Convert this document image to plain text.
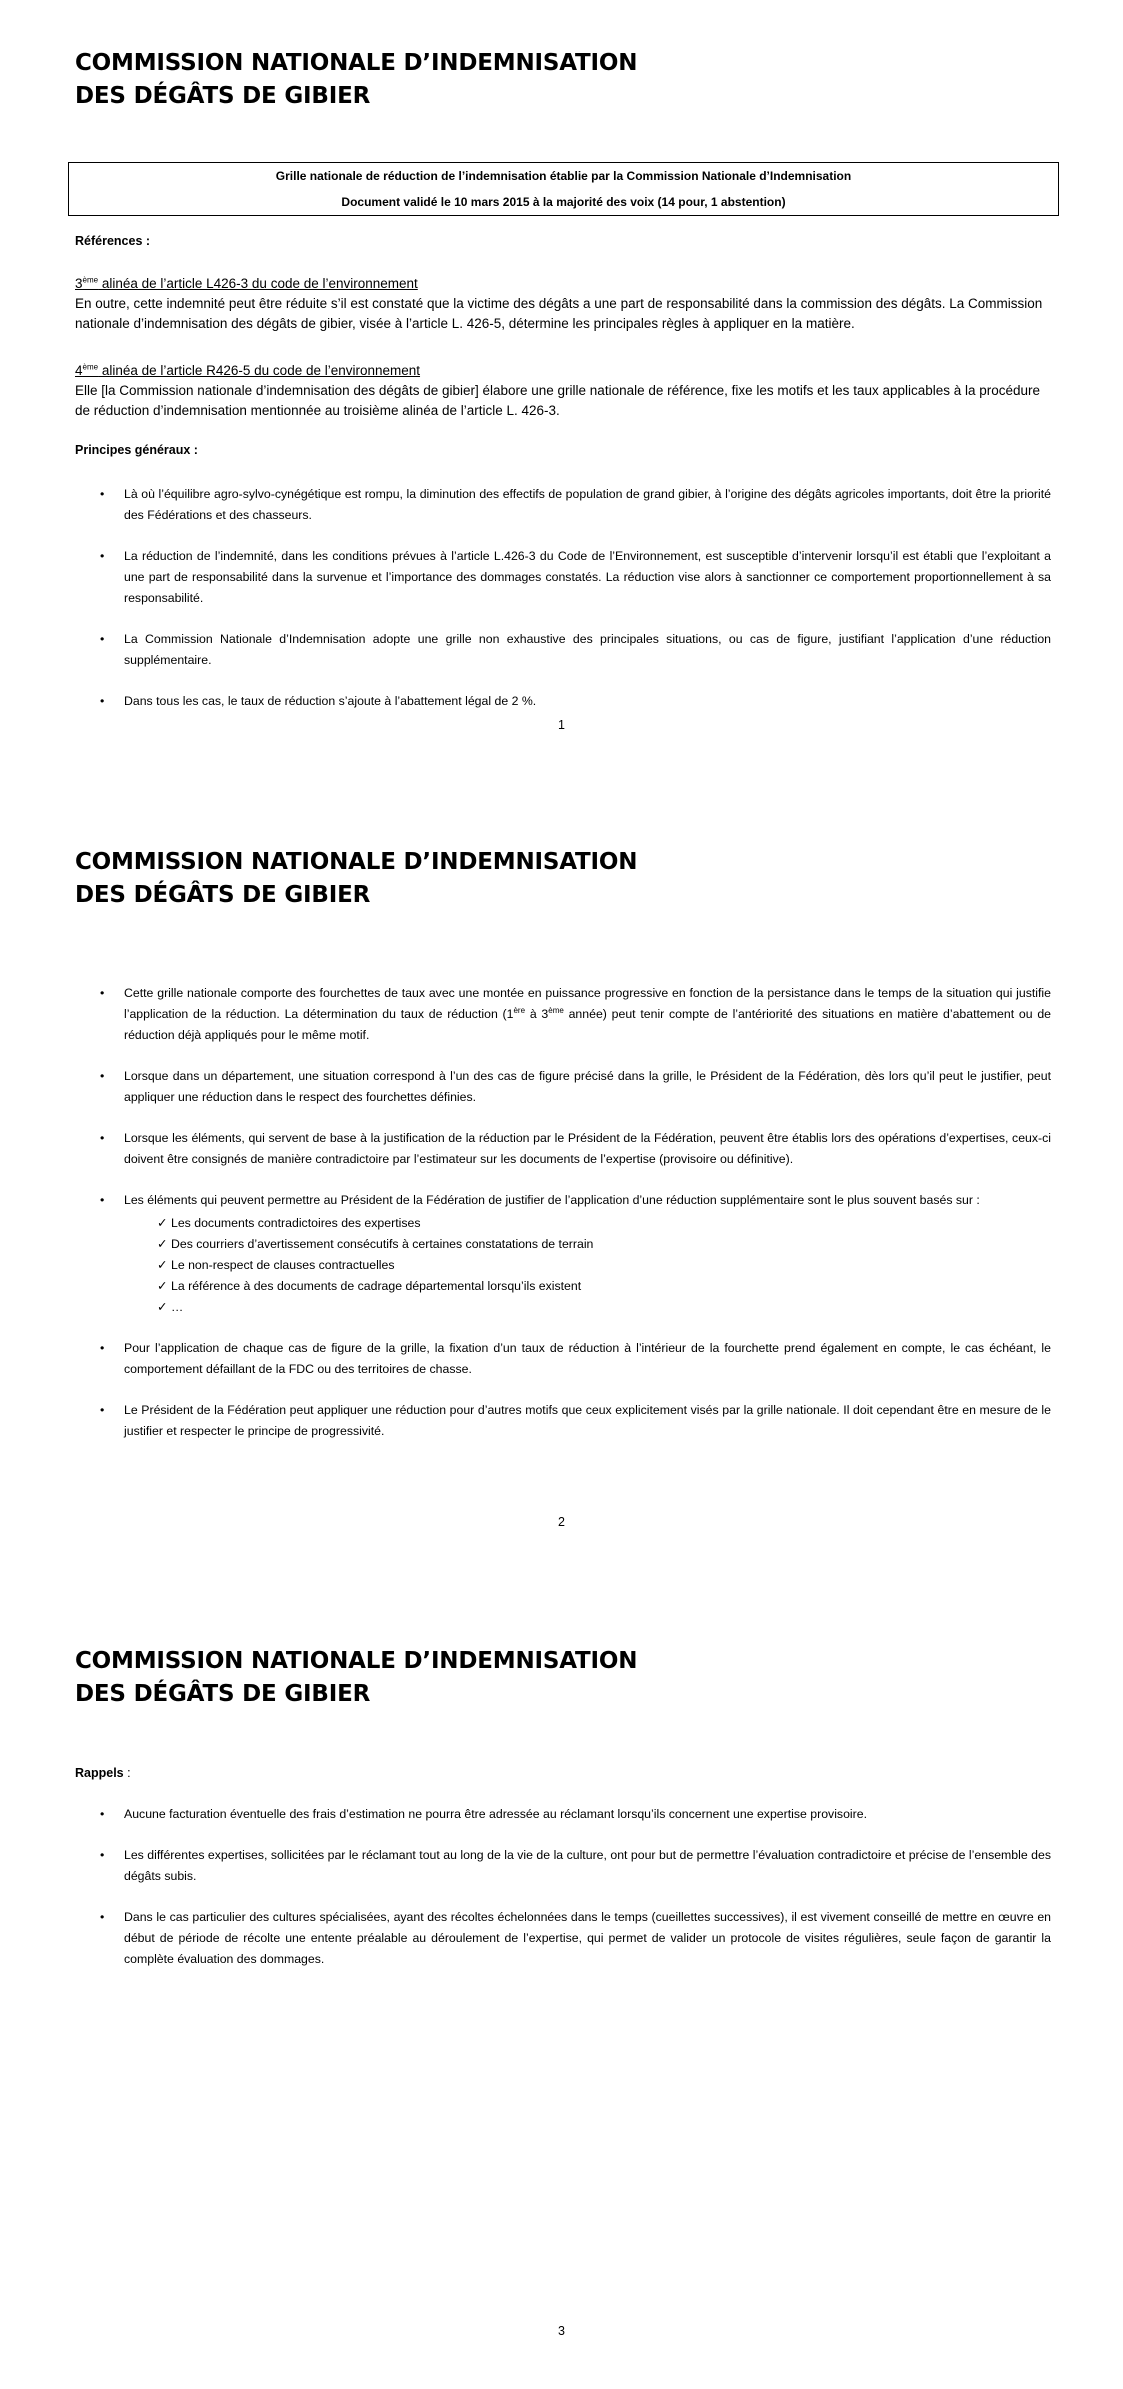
COMMISSION NATIONALE D’INDEMNISATION
DES DÉGÂTS DE GIBIER
Grille nationale de réduction de l’indemnisation établie par la Commission Nationale d’Indemnisation
Document validé le 10 mars 2015 à la majorité des voix (14 pour, 1 abstention)
Références :
3ème alinéa de l’article L426-3 du code de l’environnement
En outre, cette indemnité peut être réduite s’il est constaté que la victime des dégâts a une part de responsabilité dans la commission des dégâts. La Commission nationale d’indemnisation des dégâts de gibier, visée à l’article L. 426-5, détermine les principales règles à appliquer en la matière.
4ème alinéa de l’article R426-5 du code de l’environnement
Elle [la Commission nationale d’indemnisation des dégâts de gibier] élabore une grille nationale de référence, fixe les motifs et les taux applicables à la procédure de réduction d’indemnisation mentionnée au troisième alinéa de l’article L. 426-3.
Principes généraux :
• Là où l’équilibre agro-sylvo-cynégétique est rompu, la diminution des effectifs de population de grand gibier, à l’origine des dégâts agricoles importants, doit être la priorité des Fédérations et des chasseurs.
• La réduction de l’indemnité, dans les conditions prévues à l’article L.426-3 du Code de l’Environnement, est susceptible d’intervenir lorsqu’il est établi que l’exploitant a une part de responsabilité dans la survenue et l’importance des dommages constatés. La réduction vise alors à sanctionner ce comportement proportionnellement à sa responsabilité.
• La Commission Nationale d’Indemnisation adopte une grille non exhaustive des principales situations, ou cas de figure, justifiant l’application d’une réduction supplémentaire.
• Dans tous les cas, le taux de réduction s’ajoute à l’abattement légal de 2 %.
1
COMMISSION NATIONALE D’INDEMNISATION
DES DÉGÂTS DE GIBIER
• Cette grille nationale comporte des fourchettes de taux avec une montée en puissance progressive en fonction de la persistance dans le temps de la situation qui justifie l’application de la réduction. La détermination du taux de réduction (1ère à 3ème année) peut tenir compte de l’antériorité des situations en matière d’abattement ou de réduction déjà appliqués pour le même motif.
• Lorsque dans un département, une situation correspond à l’un des cas de figure précisé dans la grille, le Président de la Fédération, dès lors qu’il peut le justifier, peut appliquer une réduction dans le respect des fourchettes définies.
• Lorsque les éléments, qui servent de base à la justification de la réduction par le Président de la Fédération, peuvent être établis lors des opérations d’expertises, ceux-ci doivent être consignés de manière contradictoire par l’estimateur sur les documents de l’expertise (provisoire ou définitive).
• Les éléments qui peuvent permettre au Président de la Fédération de justifier de l’application d’une réduction supplémentaire sont le plus souvent basés sur :
✓ Les documents contradictoires des expertises
✓ Des courriers d’avertissement consécutifs à certaines constatations de terrain
✓ Le non-respect de clauses contractuelles
✓ La référence à des documents de cadrage départemental lorsqu’ils existent
✓ …
• Pour l’application de chaque cas de figure de la grille, la fixation d’un taux de réduction à l’intérieur de la fourchette prend également en compte, le cas échéant, le comportement défaillant de la FDC ou des territoires de chasse.
• Le Président de la Fédération peut appliquer une réduction pour d’autres motifs que ceux explicitement visés par la grille nationale. Il doit cependant être en mesure de le justifier et respecter le principe de progressivité.
2
COMMISSION NATIONALE D’INDEMNISATION
DES DÉGÂTS DE GIBIER
Rappels :
• Aucune facturation éventuelle des frais d’estimation ne pourra être adressée au réclamant lorsqu’ils concernent une expertise provisoire.
• Les différentes expertises, sollicitées par le réclamant tout au long de la vie de la culture, ont pour but de permettre l’évaluation contradictoire et précise de l’ensemble des dégâts subis.
• Dans le cas particulier des cultures spécialisées, ayant des récoltes échelonnées dans le temps (cueillettes successives), il est vivement conseillé de mettre en œuvre en début de période de récolte une entente préalable au déroulement de l’expertise, qui permet de valider un protocole de visites régulières, seule façon de garantir la complète évaluation des dommages.
3
